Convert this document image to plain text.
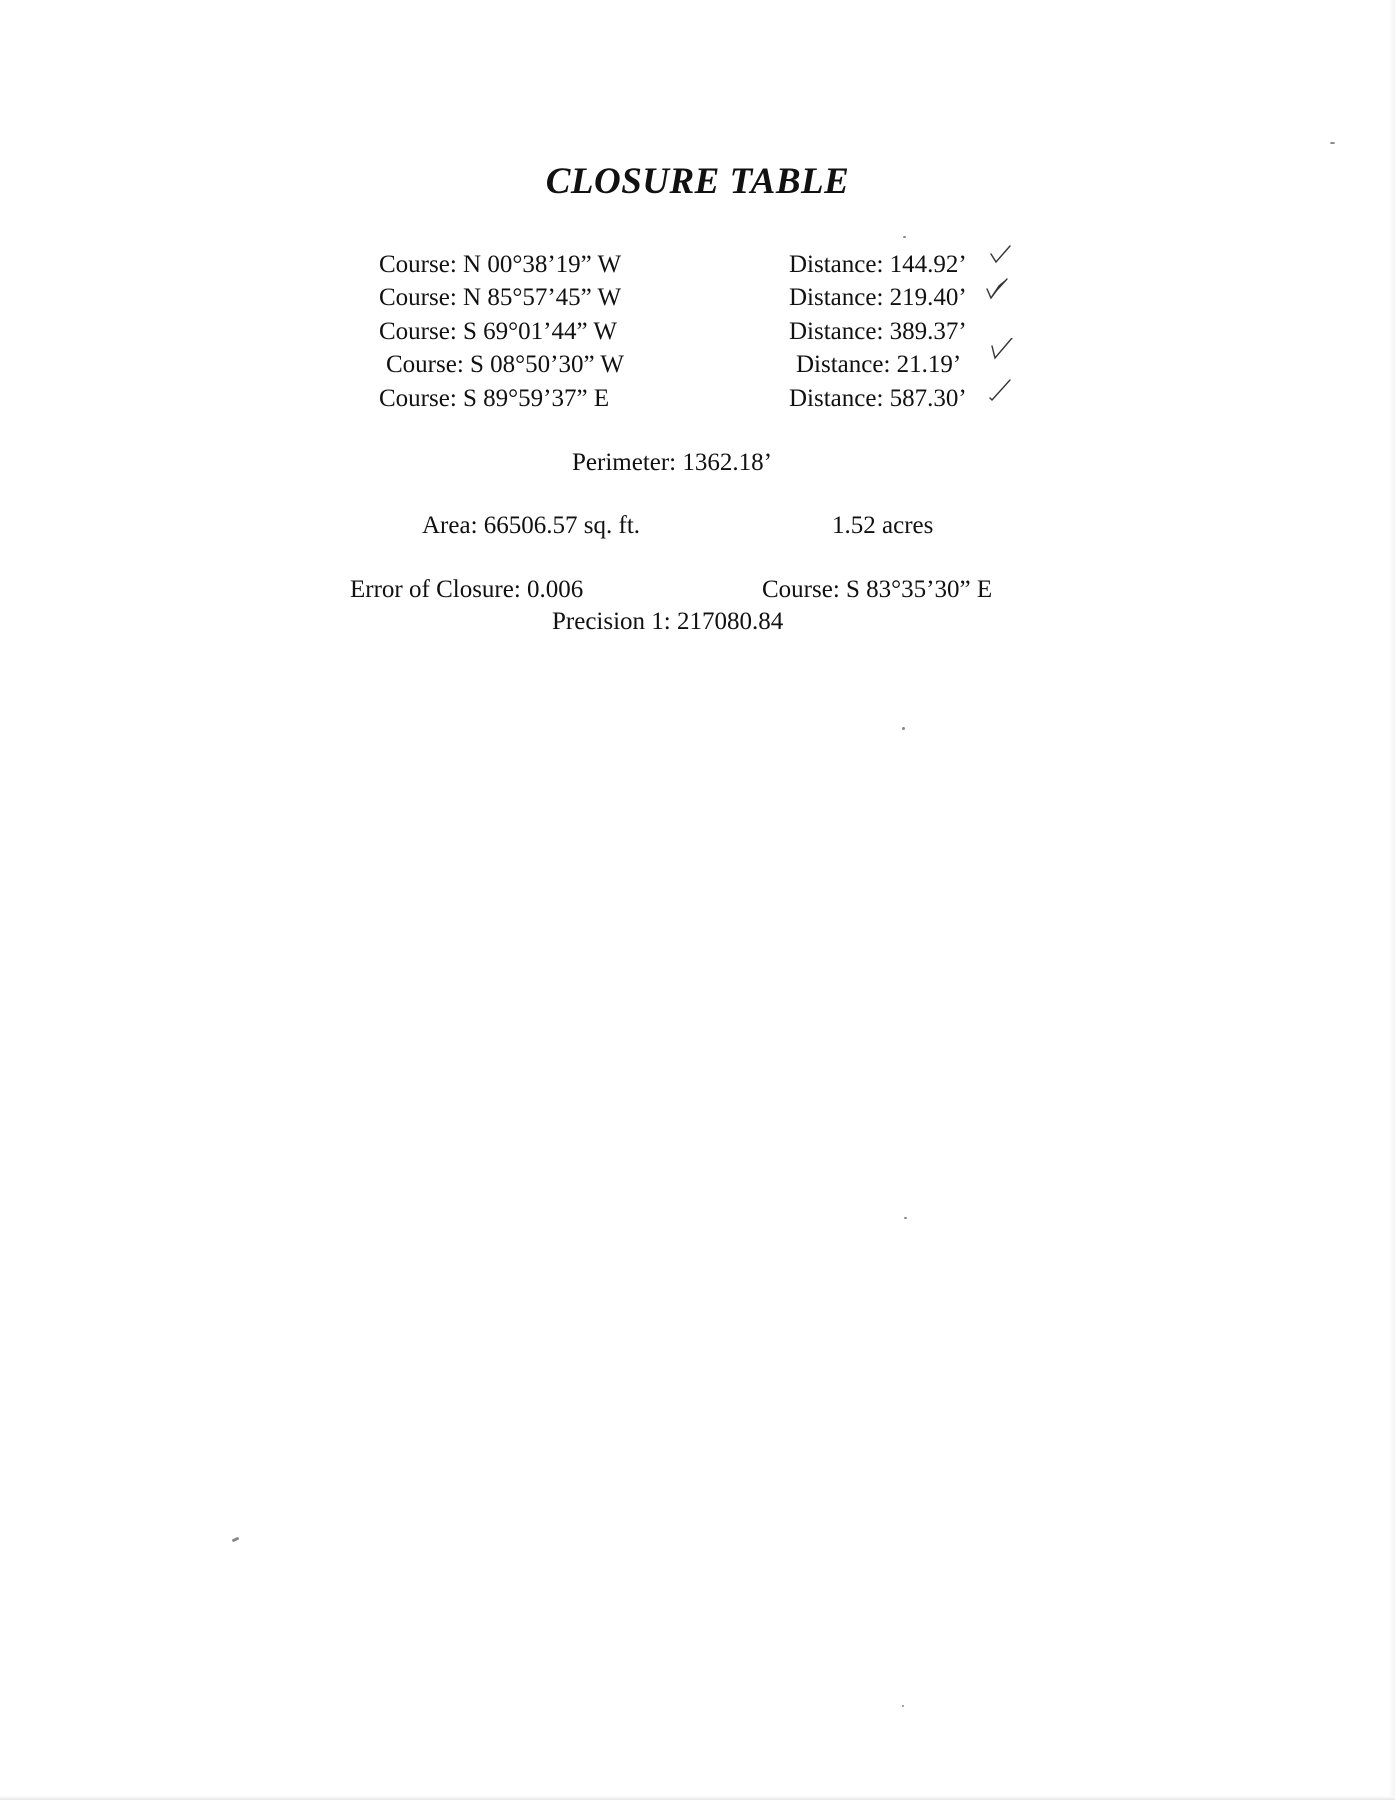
CLOSURE TABLE
Course: N 00°38’19” W	Distance: 144.92’
Course: N 85°57’45” W	Distance: 219.40’
Course: S 69°01’44” W	Distance: 389.37’
Course: S 08°50’30” W	Distance: 21.19’
Course: S 89°59’37” E	Distance: 587.30’
Perimeter: 1362.18’
Area: 66506.57 sq. ft.	1.52 acres
Error of Closure: 0.006	Course: S 83°35’30” E
Precision 1: 217080.84
